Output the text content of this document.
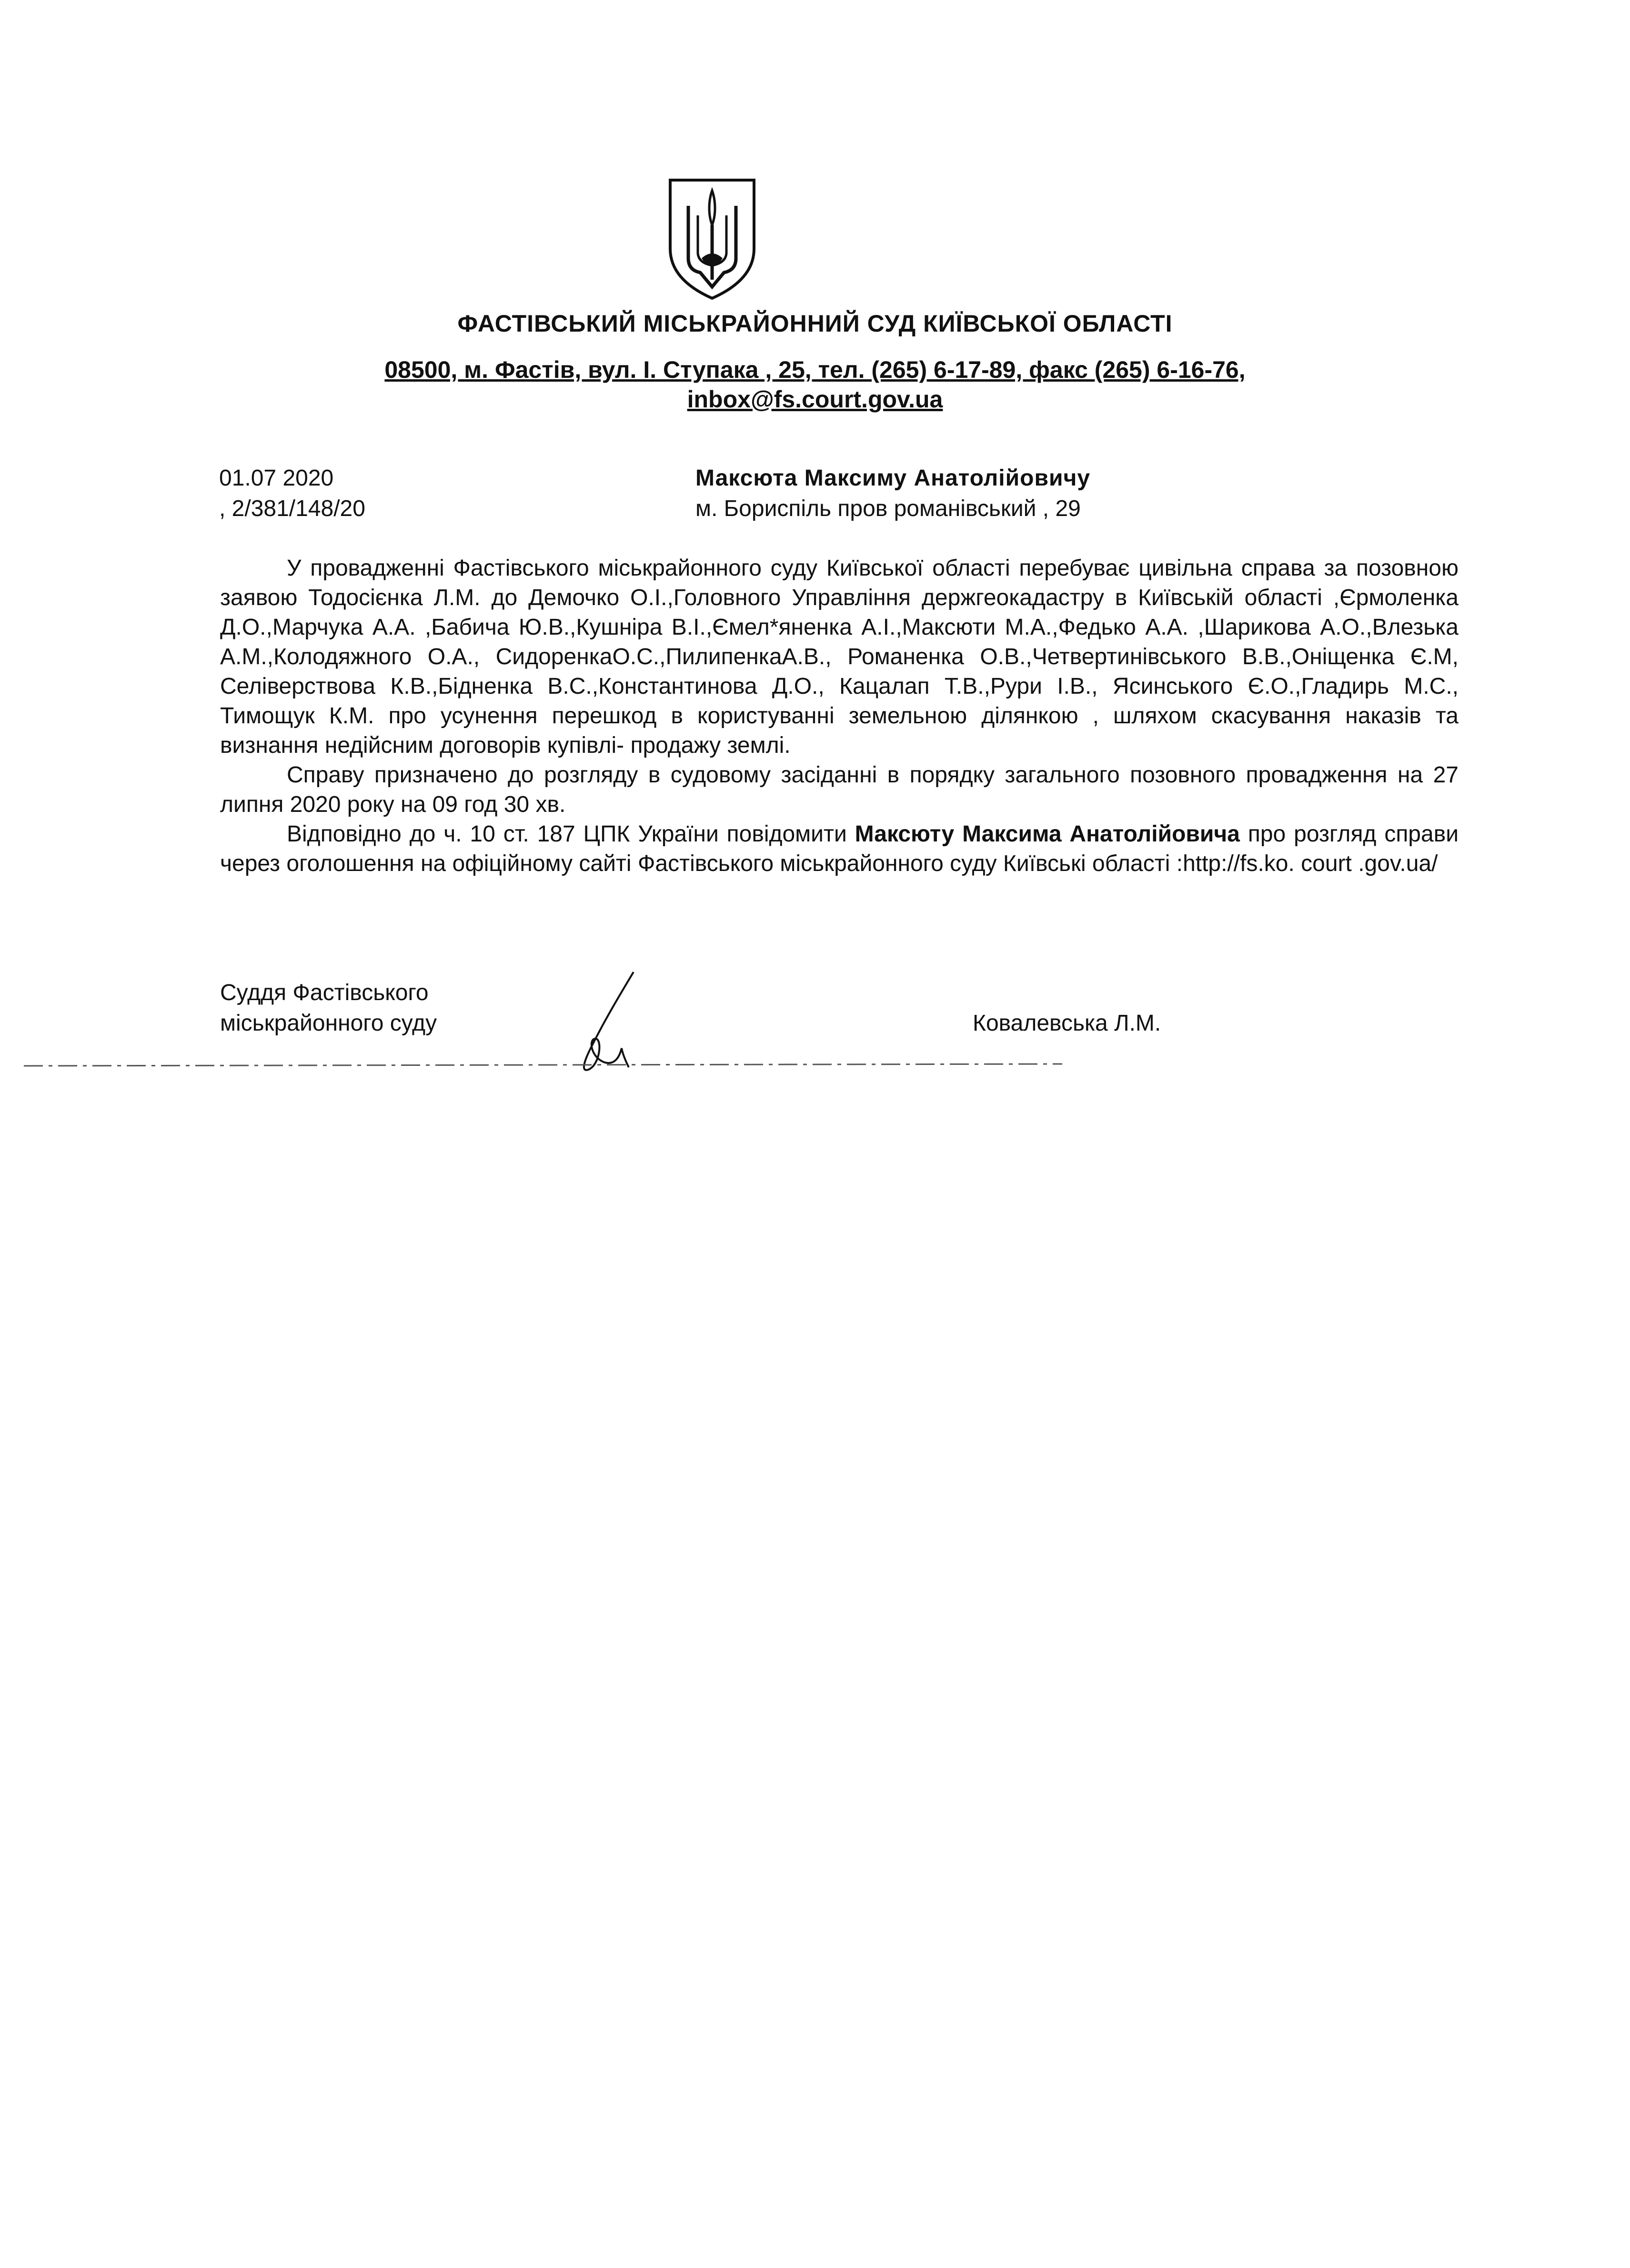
ФАСТІВСЬКИЙ МІСЬКРАЙОННИЙ СУД КИЇВСЬКОЇ ОБЛАСТІ
08500, м. Фастів, вул. І. Ступака , 25, тел. (265) 6-17-89, факс (265) 6-16-76,
inbox@fs.court.gov.ua
01.07 2020
, 2/381/148/20
Максюта Максиму Анатолійовичу
м. Бориспіль пров романівський , 29

У провадженні Фастівського міськрайонного суду Київської області перебуває цивільна справа за позовною заявою Тодосієнка Л.М. до Демочко О.І.,Головного Управління держгеокадастру в Київській області ,Єрмоленка Д.О.,Марчука А.А. ,Бабича Ю.В.,Кушніра В.І.,Ємел*яненка А.І.,Максюти М.А.,Федько А.А. ,Шарикова А.О.,Влезька А.М.,Колодяжного О.А., СидоренкаО.С.,ПилипенкаА.В., Романенка О.В.,Четвертинівського В.В.,Оніщенка Є.М, Селіверствова К.В.,Бідненка В.С.,Константинова Д.О., Кацалап Т.В.,Рури І.В., Ясинського Є.О.,Гладирь М.С., Тимощук К.М. про усунення перешкод в користуванні земельною ділянкою , шляхом скасування наказів та визнання недійсним договорів купівлі- продажу землі.

Справу призначено до розгляду в судовому засіданні в порядку загального позовного провадження на 27 липня 2020 року на 09 год 30 хв.

Відповідно до ч. 10 ст. 187 ЦПК України повідомити Максюту Максима Анатолійовича про розгляд справи через оголошення на офіційному сайті Фастівського міськрайонного суду Київські області :http://fs.ko. court .gov.ua/

Суддя Фастівського
міськрайонного суду	Ковалевська Л.М.
